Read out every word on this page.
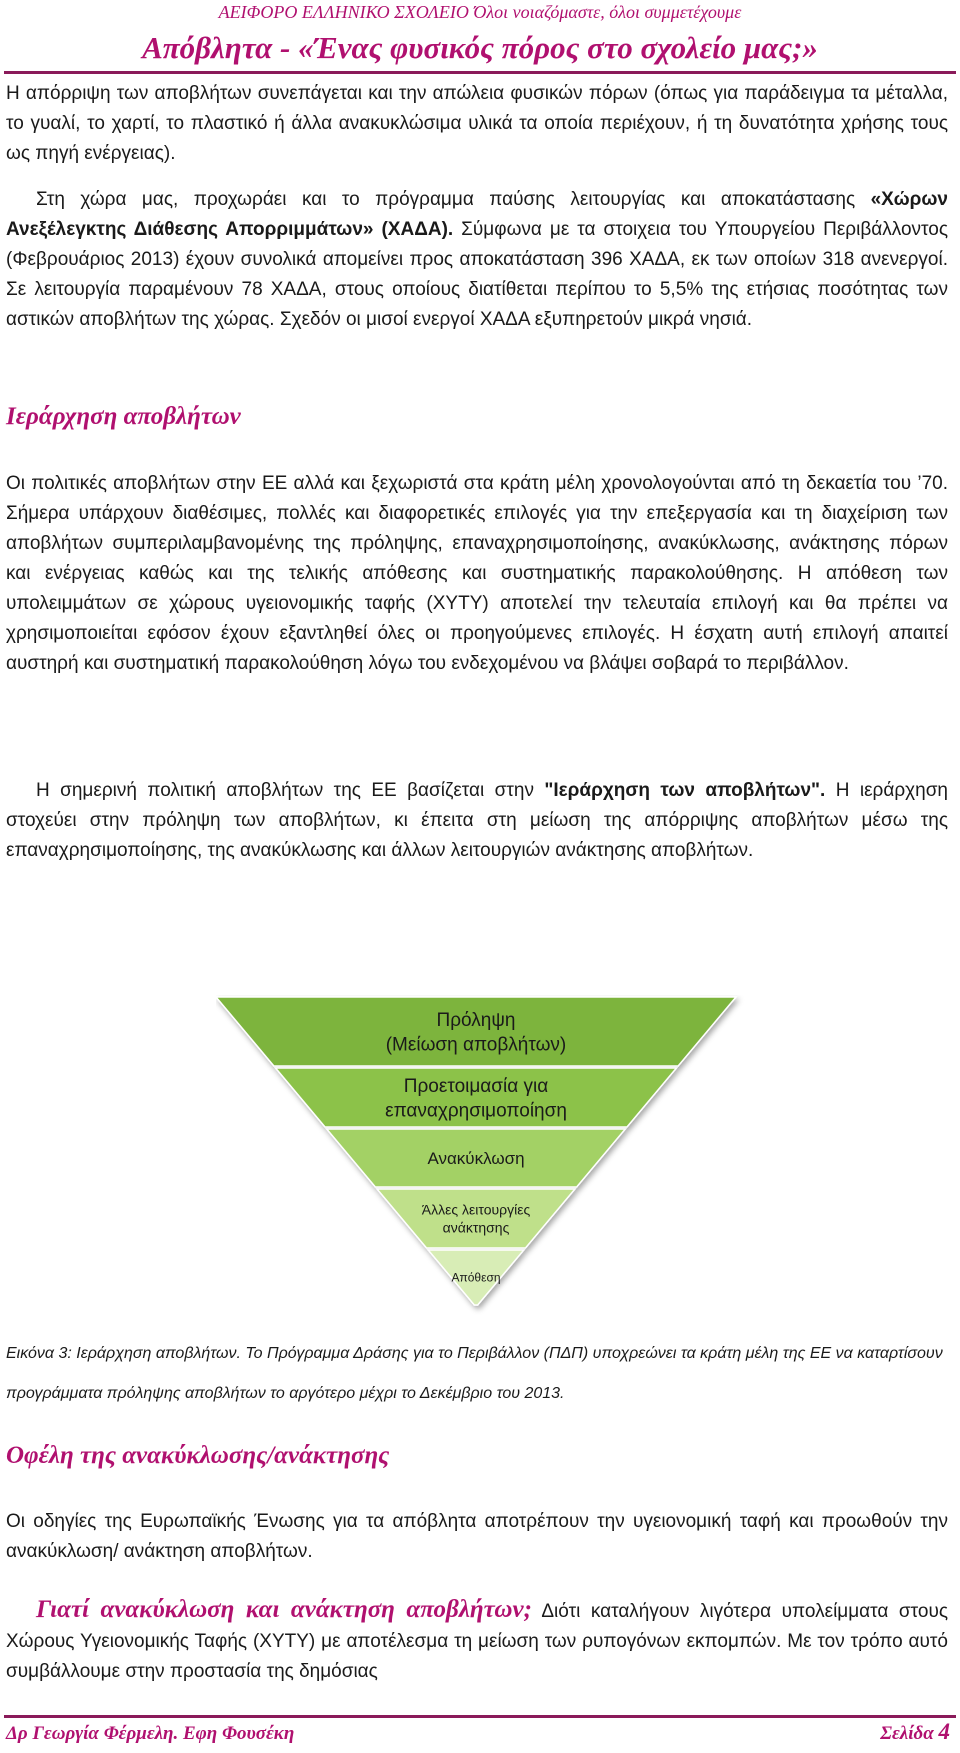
ΑΕΙΦΟΡΟ ΕΛΛΗΝΙΚΟ ΣΧΟΛΕΙΟ Όλοι νοιαζόμαστε, όλοι συμμετέχουμε
Απόβλητα - «Ένας φυσικός πόρος στο σχολείο μας;»

Η απόρριψη των αποβλήτων συνεπάγεται και την απώλεια φυσικών πόρων (όπως για παράδειγμα τα μέταλλα, το γυαλί, το χαρτί, το πλαστικό ή άλλα ανακυκλώσιμα υλικά τα οποία περιέχουν, ή τη δυνατότητα χρήσης τους ως πηγή ενέργειας).

Στη χώρα μας, προχωράει και το πρόγραμμα παύσης λειτουργίας και αποκατάστασης «Χώρων Ανεξέλεγκτης Διάθεσης Απορριμμάτων» (ΧΑΔΑ). Σύμφωνα με τα στοιχεια του Υπουργείου Περιβάλλοντος (Φεβρουάριος 2013) έχουν συνολικά απομείνει προς αποκατάσταση 396 ΧΑΔΑ, εκ των οποίων 318 ανενεργοί. Σε λειτουργία παραμένουν 78 ΧΑΔΑ, στους οποίους διατίθεται περίπου το 5,5% της ετήσιας ποσότητας των αστικών αποβλήτων της χώρας. Σχεδόν οι μισοί ενεργοί ΧΑΔΑ εξυπηρετούν μικρά νησιά.

Ιεράρχηση αποβλήτων

Οι πολιτικές αποβλήτων στην ΕΕ αλλά και ξεχωριστά στα κράτη μέλη χρονολογούνται από τη δεκαετία του ’70. Σήμερα υπάρχουν διαθέσιμες, πολλές και διαφορετικές επιλογές για την επεξεργασία και τη διαχείριση των αποβλήτων συμπεριλαμβανομένης της πρόληψης, επαναχρησιμοποίησης, ανακύκλωσης, ανάκτησης πόρων και ενέργειας καθώς και της τελικής απόθεσης και συστηματικής παρακολούθησης. Η απόθεση των υπολειμμάτων σε χώρους υγειονομικής ταφής (ΧΥΤΥ) αποτελεί την τελευταία επιλογή και θα πρέπει να χρησιμοποιείται εφόσον έχουν εξαντληθεί όλες οι προηγούμενες επιλογές. Η έσχατη αυτή επιλογή απαιτεί αυστηρή και συστηματική παρακολούθηση λόγω του ενδεχομένου να βλάψει σοβαρά το περιβάλλον.

Η σημερινή πολιτική αποβλήτων της ΕΕ βασίζεται στην "Ιεράρχηση των αποβλήτων". Η ιεράρχηση στοχεύει στην πρόληψη των αποβλήτων, κι έπειτα στη μείωση της απόρριψης αποβλήτων μέσω της επαναχρησιμοποίησης, της ανακύκλωσης και άλλων λειτουργιών ανάκτησης αποβλήτων.

Πρόληψη
(Μείωση αποβλήτων)
Προετοιμασία για
επαναχρησιμοποίηση
Ανακύκλωση
Άλλες λειτουργίες
ανάκτησης
Απόθεση

Εικόνα 3: Ιεράρχηση αποβλήτων. Το Πρόγραμμα Δράσης για το Περιβάλλον (ΠΔΠ) υποχρεώνει τα κράτη μέλη της ΕΕ να καταρτίσουν προγράμματα πρόληψης αποβλήτων το αργότερο μέχρι το Δεκέμβριο του 2013.

Οφέλη της ανακύκλωσης/ανάκτησης

Οι οδηγίες της Ευρωπαϊκής Ένωσης για τα απόβλητα αποτρέπουν την υγειονομική ταφή και προωθούν την ανακύκλωση/ ανάκτηση αποβλήτων.

Γιατί ανακύκλωση και ανάκτηση αποβλήτων; Διότι καταλήγουν λιγότερα υπολείμματα στους Χώρους Υγειονομικής Ταφής (ΧΥΤΥ) με αποτέλεσμα τη μείωση των ρυπογόνων εκπομπών. Με τον τρόπο αυτό συμβάλλουμε στην προστασία της δημόσιας

Δρ Γεωργία Φέρμελη. Εφη Φουσέκη	Σελίδα 4
